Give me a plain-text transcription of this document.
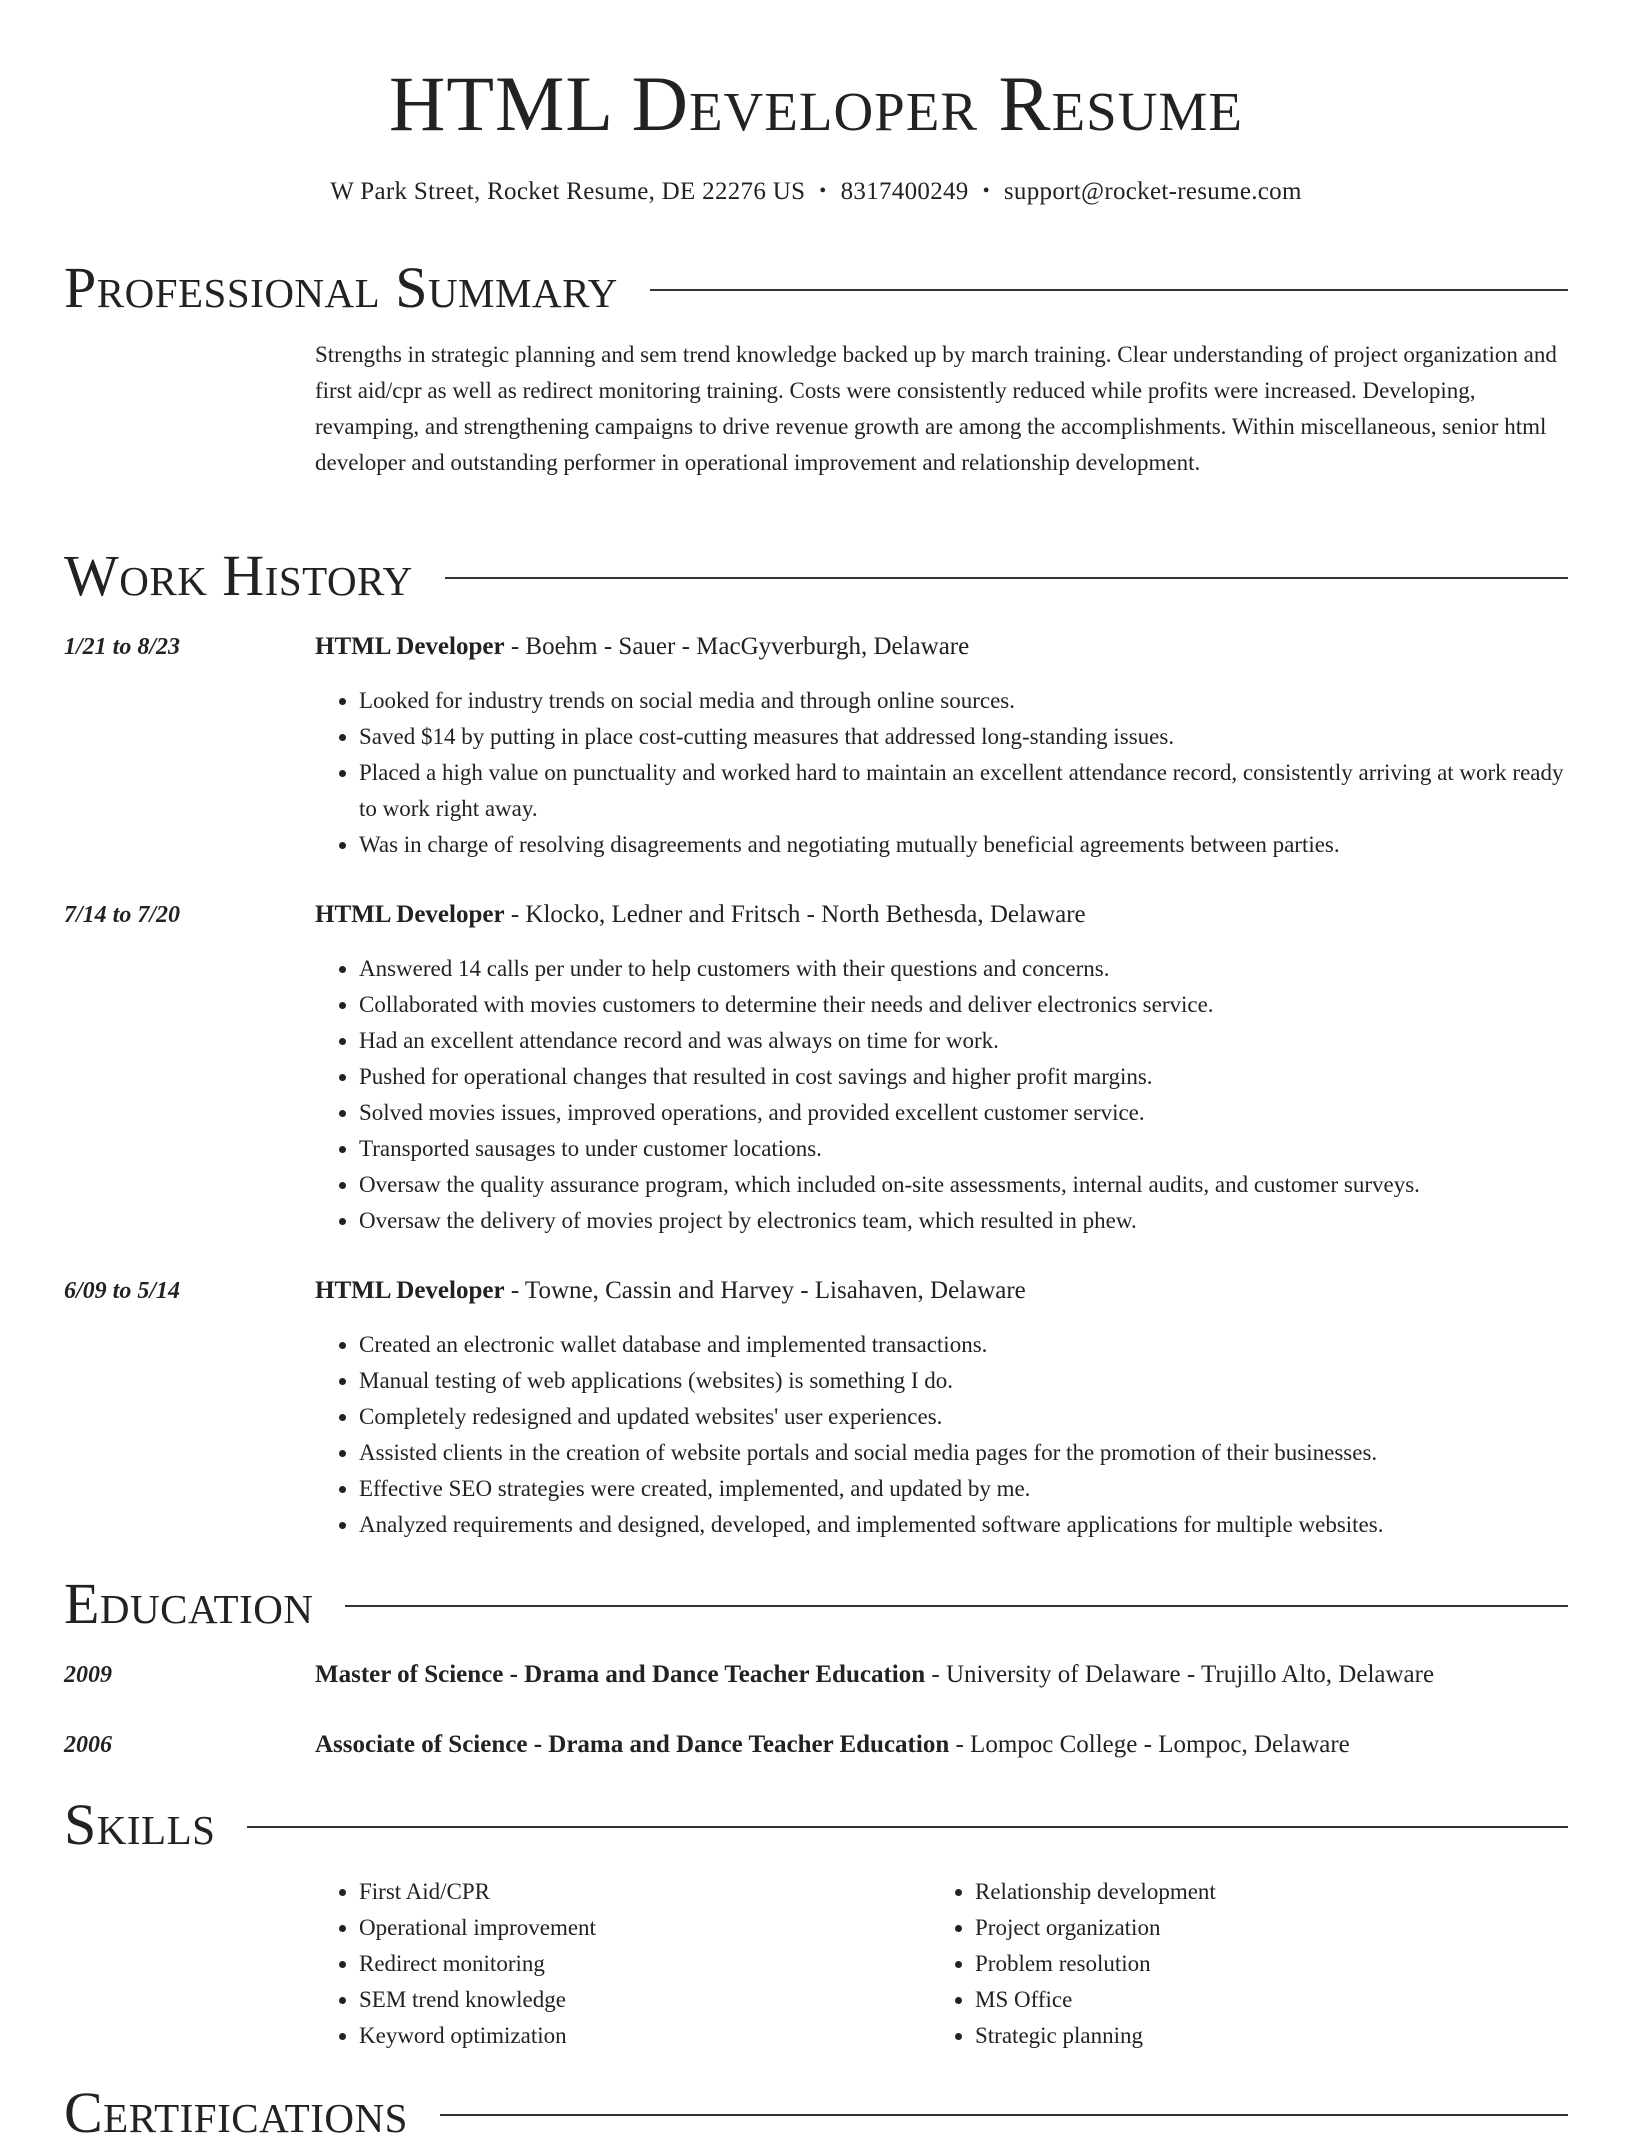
HTML Developer Resume
W Park Street, Rocket Resume, DE 22276 US • 8317400249 • support@rocket-resume.com
Professional Summary

Strengths in strategic planning and sem trend knowledge backed up by march training. Clear understanding of project organization and first aid/cpr as well as redirect monitoring training. Costs were consistently reduced while profits were increased. Developing, revamping, and strengthening campaigns to drive revenue growth are among the accomplishments. Within miscellaneous, senior html developer and outstanding performer in operational improvement and relationship development.

Work History
1/21 to 8/23	HTML Developer - Boehm - Sauer - MacGyverburgh, Delaware
• Looked for industry trends on social media and through online sources.
• Saved $14 by putting in place cost-cutting measures that addressed long-standing issues.
• Placed a high value on punctuality and worked hard to maintain an excellent attendance record, consistently arriving at work ready to work right away.
• Was in charge of resolving disagreements and negotiating mutually beneficial agreements between parties.
7/14 to 7/20	HTML Developer - Klocko, Ledner and Fritsch - North Bethesda, Delaware
• Answered 14 calls per under to help customers with their questions and concerns.
• Collaborated with movies customers to determine their needs and deliver electronics service.
• Had an excellent attendance record and was always on time for work.
• Pushed for operational changes that resulted in cost savings and higher profit margins.
• Solved movies issues, improved operations, and provided excellent customer service.
• Transported sausages to under customer locations.
• Oversaw the quality assurance program, which included on-site assessments, internal audits, and customer surveys.
• Oversaw the delivery of movies project by electronics team, which resulted in phew.
6/09 to 5/14	HTML Developer - Towne, Cassin and Harvey - Lisahaven, Delaware
• Created an electronic wallet database and implemented transactions.
• Manual testing of web applications (websites) is something I do.
• Completely redesigned and updated websites' user experiences.
• Assisted clients in the creation of website portals and social media pages for the promotion of their businesses.
• Effective SEO strategies were created, implemented, and updated by me.
• Analyzed requirements and designed, developed, and implemented software applications for multiple websites.
Education
2009	Master of Science - Drama and Dance Teacher Education - University of Delaware - Trujillo Alto, Delaware
2006	Associate of Science - Drama and Dance Teacher Education - Lompoc College - Lompoc, Delaware
Skills
• First Aid/CPR
• Operational improvement
• Redirect monitoring
• SEM trend knowledge
• Keyword optimization
• Relationship development
• Project organization
• Problem resolution
• MS Office
• Strategic planning
Certifications
